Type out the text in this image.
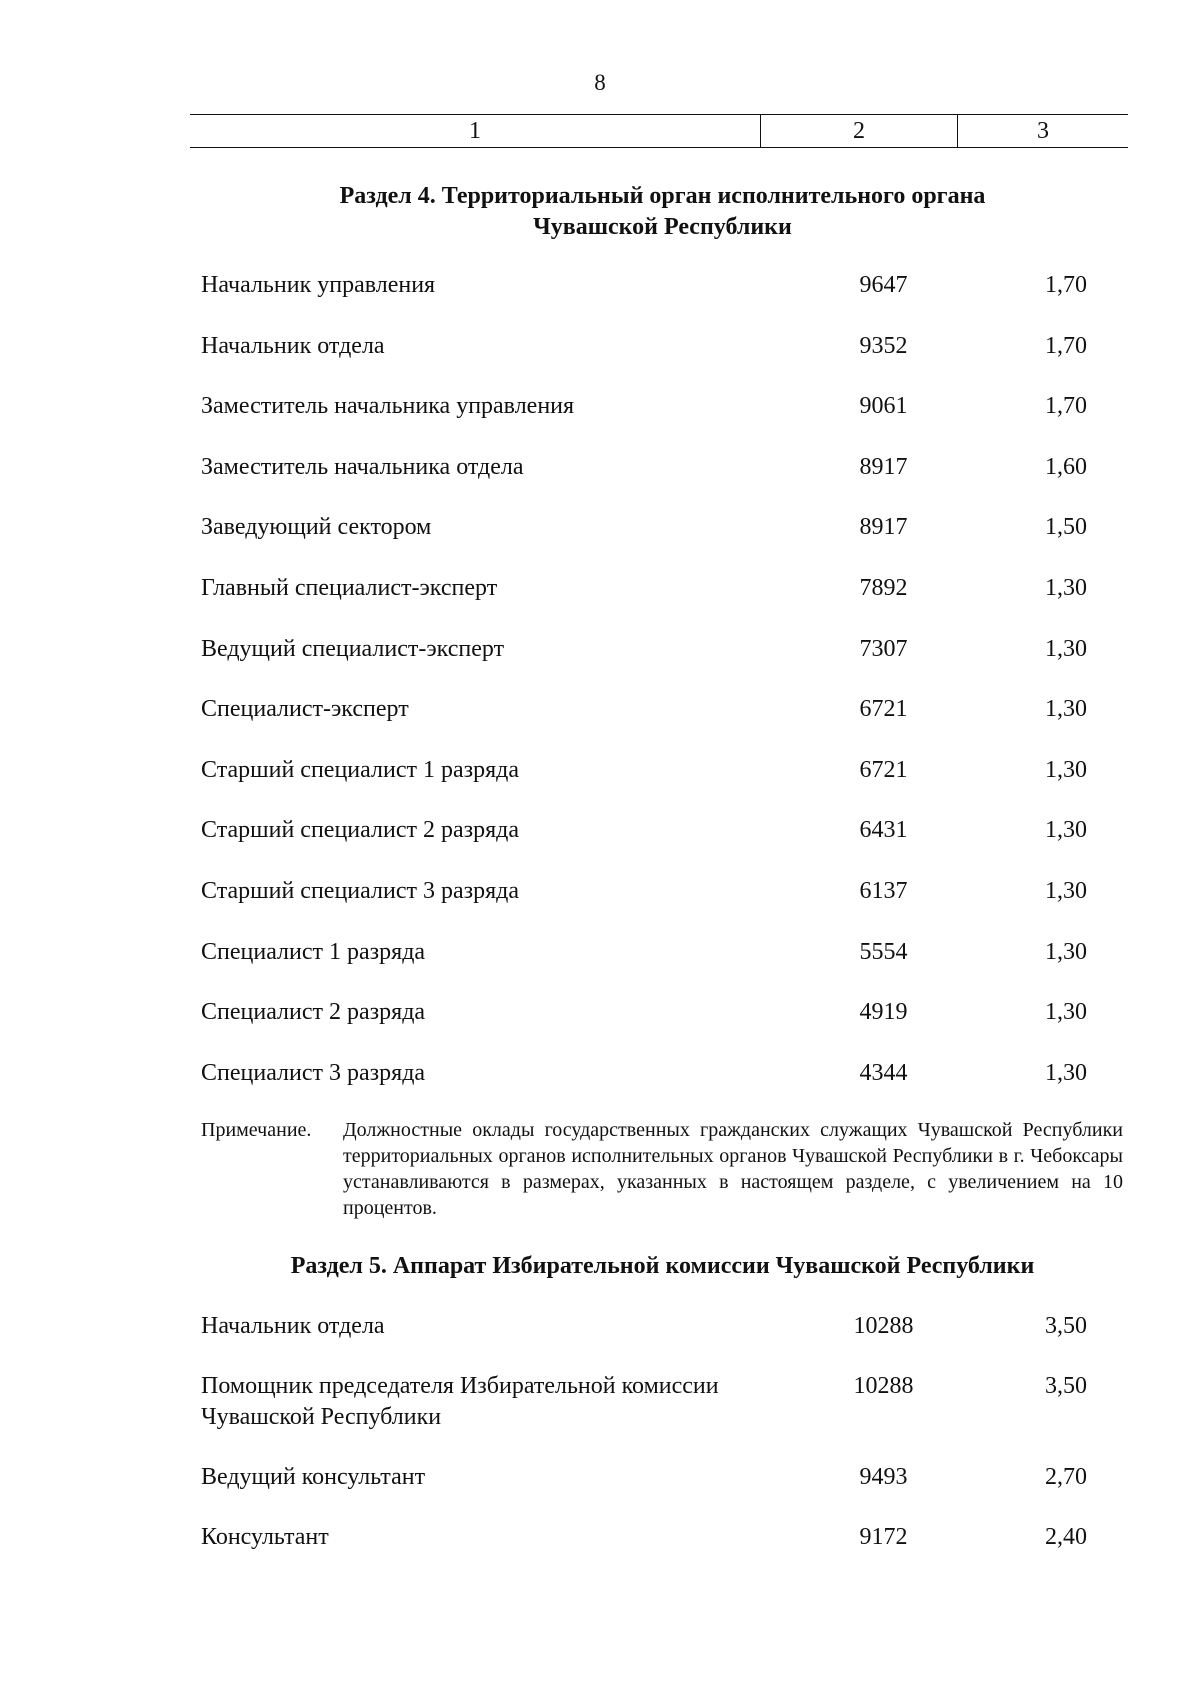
8
1	2	3
Раздел 4. Территориальный орган исполнительного органа
Чувашской Республики
Начальник управления	9647	1,70
Начальник отдела	9352	1,70
Заместитель начальника управления	9061	1,70
Заместитель начальника отдела	8917	1,60
Заведующий сектором	8917	1,50
Главный специалист-эксперт	7892	1,30
Ведущий специалист-эксперт	7307	1,30
Специалист-эксперт	6721	1,30
Старший специалист 1 разряда	6721	1,30
Старший специалист 2 разряда	6431	1,30
Старший специалист 3 разряда	6137	1,30
Специалист 1 разряда	5554	1,30
Специалист 2 разряда	4919	1,30
Специалист 3 разряда	4344	1,30
Примечание. Должностные оклады государственных гражданских служащих Чувашской Республики территориальных органов исполнительных органов Чувашской Республики в г. Чебоксары устанавливаются в размерах, указанных в настоящем разделе, с увеличением на 10 процентов.
Раздел 5. Аппарат Избирательной комиссии Чувашской Республики
Начальник отдела	10288	3,50
Помощник председателя Избирательной комиссии Чувашской Республики
10288	3,50
Ведущий консультант	9493	2,70
Консультант	9172	2,40
